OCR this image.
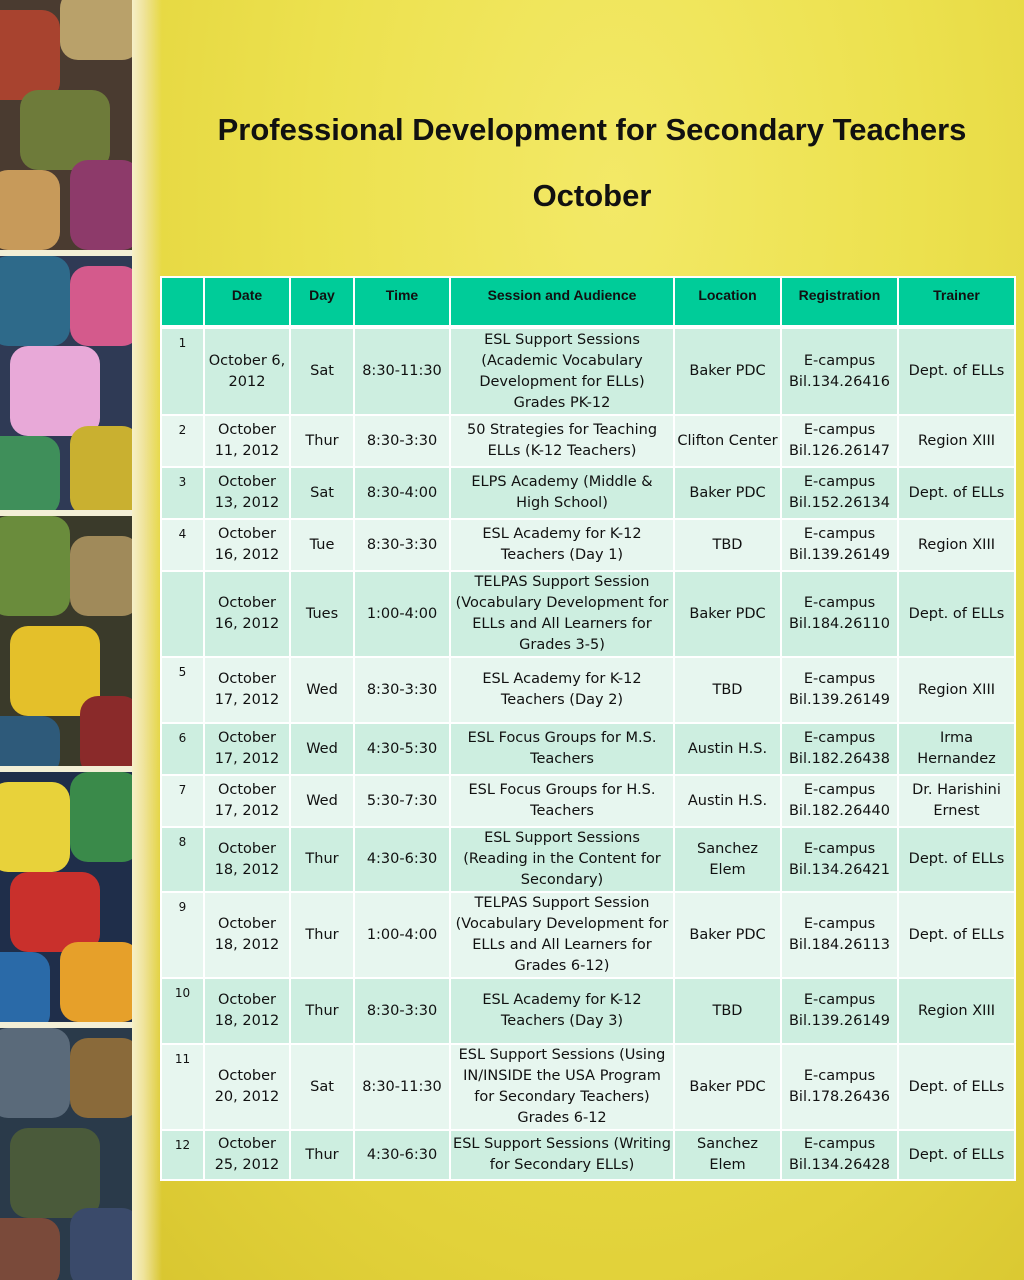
Professional Development for Secondary Teachers
October
	Date	Day	Time	Session and Audience	Location	Registration	Trainer
1	October 6, 2012	Sat	8:30-11:30	ESL Support Sessions (Academic Vocabulary Development for ELLs) Grades PK-12	Baker PDC	E-campus Bil.134.26416	Dept. of ELLs
2	October 11, 2012	Thur	8:30-3:30	50 Strategies for Teaching ELLs (K-12 Teachers)	Clifton Center	E-campus Bil.126.26147	Region XIII
3	October 13, 2012	Sat	8:30-4:00	ELPS Academy (Middle & High School)	Baker PDC	E-campus Bil.152.26134	Dept. of ELLs
4	October 16, 2012	Tue	8:30-3:30	ESL Academy for K-12 Teachers (Day 1)	TBD	E-campus Bil.139.26149	Region XIII
	October 16, 2012	Tues	1:00-4:00	TELPAS Support Session (Vocabulary Development for ELLs and All Learners for Grades 3-5)	Baker PDC	E-campus Bil.184.26110	Dept. of ELLs
5	October 17, 2012	Wed	8:30-3:30	ESL Academy for K-12 Teachers (Day 2)	TBD	E-campus Bil.139.26149	Region XIII
6	October 17, 2012	Wed	4:30-5:30	ESL Focus Groups for M.S. Teachers	Austin H.S.	E-campus Bil.182.26438	Irma Hernandez
7	October 17, 2012	Wed	5:30-7:30	ESL Focus Groups for H.S. Teachers	Austin H.S.	E-campus Bil.182.26440	Dr. Harishini Ernest
8	October 18, 2012	Thur	4:30-6:30	ESL Support Sessions (Reading in the Content for Secondary)	Sanchez Elem	E-campus Bil.134.26421	Dept. of ELLs
9	October 18, 2012	Thur	1:00-4:00	TELPAS Support Session (Vocabulary Development for ELLs and All Learners for Grades 6-12)	Baker PDC	E-campus Bil.184.26113	Dept. of ELLs
10	October 18, 2012	Thur	8:30-3:30	ESL Academy for K-12 Teachers (Day 3)	TBD	E-campus Bil.139.26149	Region XIII
11	October 20, 2012	Sat	8:30-11:30	ESL Support Sessions (Using IN/INSIDE the USA Program for Secondary Teachers) Grades 6-12	Baker PDC	E-campus Bil.178.26436	Dept. of ELLs
12	October 25, 2012	Thur	4:30-6:30	ESL Support Sessions (Writing for Secondary ELLs)	Sanchez Elem	E-campus Bil.134.26428	Dept. of ELLs
